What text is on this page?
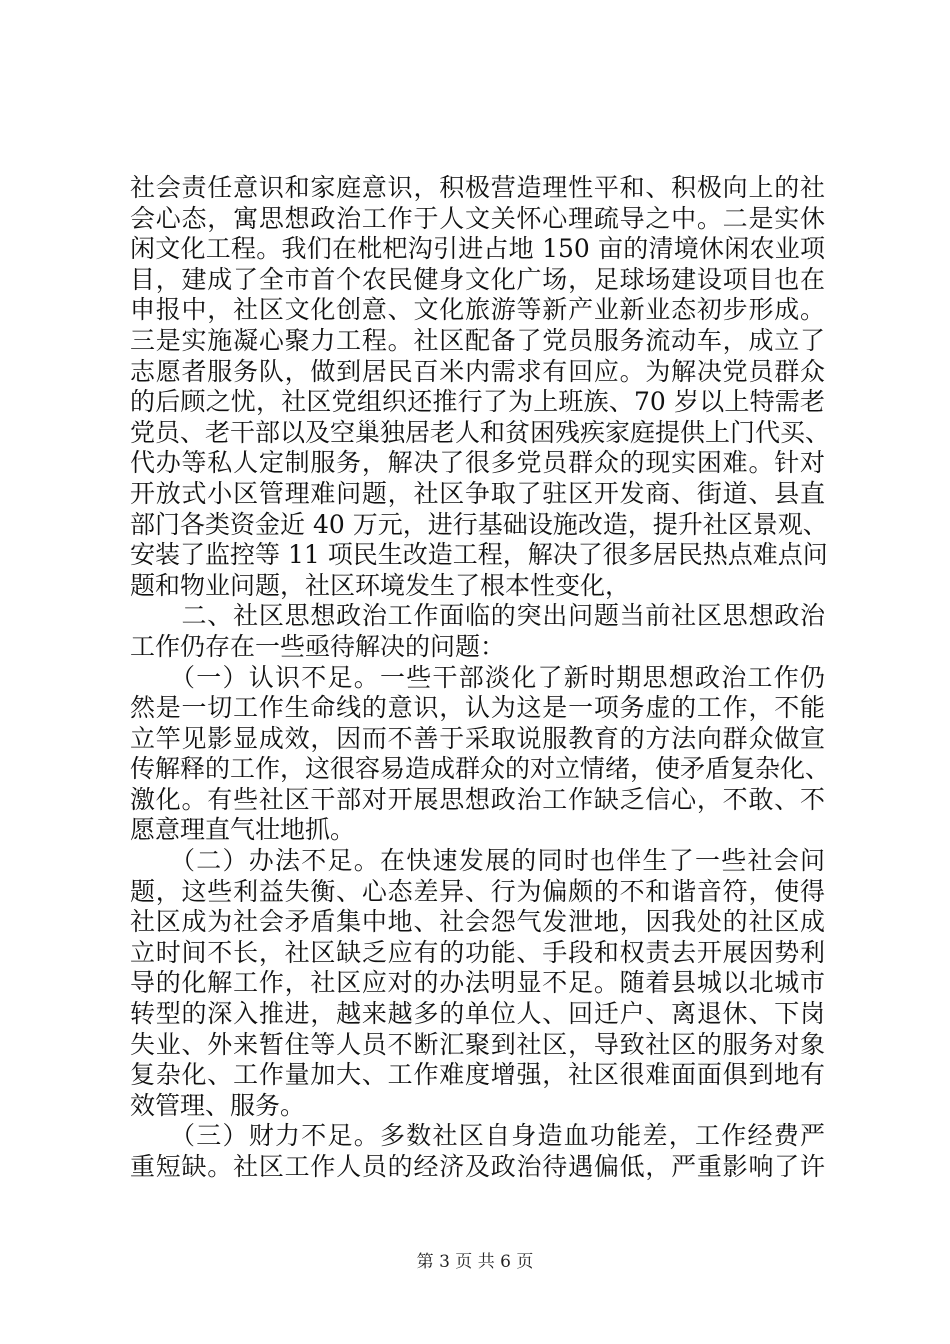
社会责任意识和家庭意识，积极营造理性平和、积极向上的社
会心态，寓思想政治工作于人文关怀心理疏导之中。二是实休
闲文化工程。我们在枇杷沟引进占地 150 亩的清境休闲农业项
目，建成了全市首个农民健身文化广场，足球场建设项目也在
申报中，社区文化创意、文化旅游等新产业新业态初步形成。
三是实施凝心聚力工程。社区配备了党员服务流动车，成立了
志愿者服务队，做到居民百米内需求有回应。为解决党员群众
的后顾之忧，社区党组织还推行了为上班族、70 岁以上特需老
党员、老干部以及空巢独居老人和贫困残疾家庭提供上门代买、
代办等私人定制服务，解决了很多党员群众的现实困难。针对
开放式小区管理难问题，社区争取了驻区开发商、街道、县直
部门各类资金近 40 万元，进行基础设施改造，提升社区景观、
安装了监控等 11 项民生改造工程，解决了很多居民热点难点问
题和物业问题，社区环境发生了根本性变化，
　　二、社区思想政治工作面临的突出问题当前社区思想政治
工作仍存在一些亟待解决的问题：
　　（一）认识不足。一些干部淡化了新时期思想政治工作仍
然是一切工作生命线的意识，认为这是一项务虚的工作，不能
立竿见影显成效，因而不善于采取说服教育的方法向群众做宣
传解释的工作，这很容易造成群众的对立情绪，使矛盾复杂化、
激化。有些社区干部对开展思想政治工作缺乏信心，不敢、不
愿意理直气壮地抓。
　　（二）办法不足。在快速发展的同时也伴生了一些社会问
题，这些利益失衡、心态差异、行为偏颇的不和谐音符，使得
社区成为社会矛盾集中地、社会怨气发泄地，因我处的社区成
立时间不长，社区缺乏应有的功能、手段和权责去开展因势利
导的化解工作，社区应对的办法明显不足。随着县城以北城市
转型的深入推进，越来越多的单位人、回迁户、离退休、下岗
失业、外来暂住等人员不断汇聚到社区，导致社区的服务对象
复杂化、工作量加大、工作难度增强，社区很难面面俱到地有
效管理、服务。
　　（三）财力不足。多数社区自身造血功能差，工作经费严
重短缺。社区工作人员的经济及政治待遇偏低，严重影响了许
第 3 页 共 6 页
